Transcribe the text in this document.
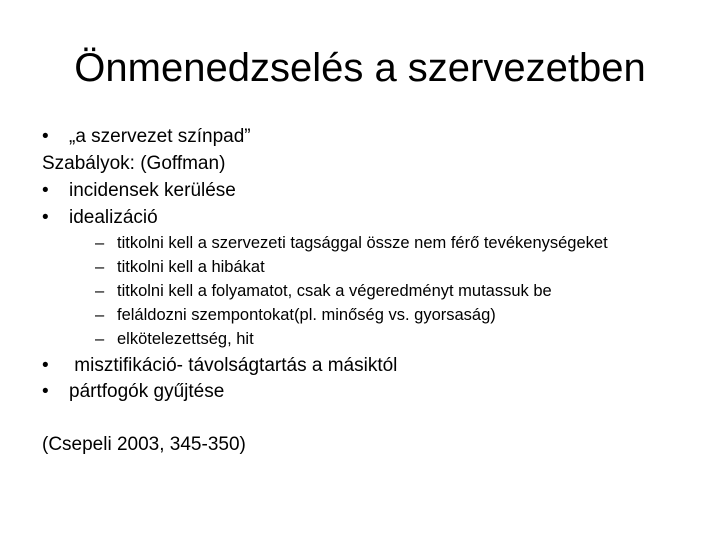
Önmenedzselés a szervezetben
• „a szervezet színpad”
Szabályok: (Goffman)
• incidensek kerülése
• idealizáció
– titkolni kell a szervezeti tagsággal össze nem férő tevékenységeket
– titkolni kell a hibákat
– titkolni kell a folyamatot, csak a végeredményt mutassuk be
– feláldozni szempontokat(pl. minőség vs. gyorsaság)
– elkötelezettség, hit
• misztifikáció- távolságtartás a másiktól
• pártfogók gyűjtése
(Csepeli 2003, 345-350)
